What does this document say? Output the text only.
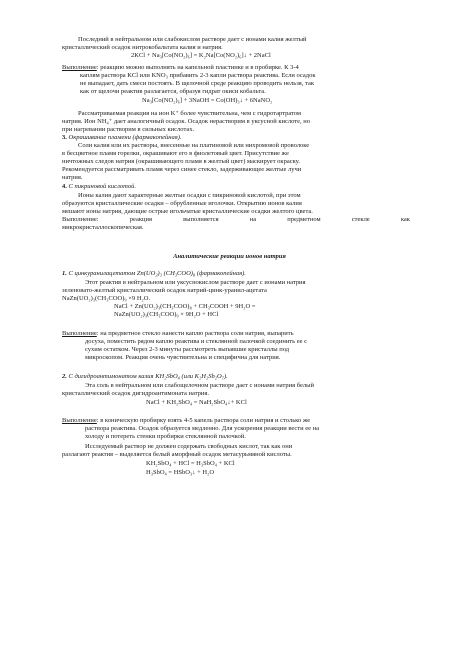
Последний в нейтральном или слабокислом растворе дает с ионами калия желтый
кристаллический осадок нитрокобальтата калия и натрия.
2KCl + Na₃[Co(NO₂)₆] = K₂Na[Co(NO₂)₆]↓ + 2NaCl
Выполнение: реакцию можно выполнять на капельной пластинке и в пробирке. К 3-4
каплям раствора KCl или KNO₃ прибавить 2-3 капли раствора реактива. Если осадок
не выпадает, дать смеси постоять. В щелочной среде реакцию проводить нельзя, так
как от щелочи реактив разлагается, образуя гидрат окиси кобальта.
Na₃[Co(NO₂)₆] + 3NaOH = Co(OH)₃↓ + 6NaNO₂
Рассматриваемая реакция на ион K⁺ более чувствительна, чем с гидротартратом
натрия. Ион NH₄⁺ дает аналогичный осадок. Осадок нерастворим в уксусной кислоте, но
при нагревании растворим в сильных кислотах.
3. Окрашивание пламени (фармакопейная).
Соли калия или их растворы, внесенные на платиновой или нихромовой проволоке
в бесцветное пламя горелки, окрашивают его в фиолетовый цвет. Присутствие же
ничтожных следов натрия (окрашивающего пламя в желтый цвет) маскирует окраску.
Рекомендуется рассматривать пламя через синее стекло, задерживающее желтые лучи
натрия.
4. С пикриновой кислотой.
Ионы калия дают характерные желтые осадки с пикриновой кислотой, при этом
образуются кристаллические осадки – обрубленные иголочки. Открытию ионов калия
мешают ионы натрия, дающие острые игольчатые кристаллические осадки желтого цвета.
Выполнение:	реакция	выполняется	на	предметном	стекле	как
микрокристаллоскопическая.
Аналитические реакции ионов натрия
1. С цинкуранилацетатом Zn(UO₂)₃ (CH₃COO)₈ (фармакопейная).
Этот реактив в нейтральном или уксуснокислом растворе дает с ионами натрия
зеленовато-желтый кристаллический осадок натрий-цинк-уранил-ацетата
NaZn(UO₂)₃(CH₃COO)₉ ×9 H₂O.
NaCl + Zn(UO₂)₃(CH₃COO)₈ + CH₃COOH + 9H₂O =
NaZn(UO₂)₃(CH₃COO)₉ × 9H₂O + HCl
Выполнение: на предметное стекло нанести каплю раствора соли натрия, выпарить
досуха, поместить рядом каплю реактива и стеклянной палочкой соединить ее с
сухим остатком. Через 2-3 минуты рассмотреть выпавшие кристаллы под
микроскопом. Реакция очень чувствительна и специфична для натрия.
2. С дигидроантимонатом калия KH₂SbO₄ (или K₂H₂Sb₂O₇).
Эта соль в нейтральном или слабощелочном растворе дает с ионами натрия белый
кристаллический осадок дигидроантимоната натрия.
NaCl + KH₂SbO₄ = NaH₂SbO₄↓+ KCl
Выполнение: в коническую пробирку взять 4-5 капель раствора соли натрия и столько же
раствора реактива. Осадок образуется медленно. Для ускорения реакции вести ее на
холоду и потереть стенки пробирки стеклянной палочкой.
Исследуемый раствор не должен содержать свободных кислот, так как они
разлагают реактив – выделяется белый аморфный осадок метасурьмяной кислоты.
KH₂SbO₄ + HCl = H₃SbO₄ + KCl
H₃SbO₄ = HSbO₃↓ + H₂O
